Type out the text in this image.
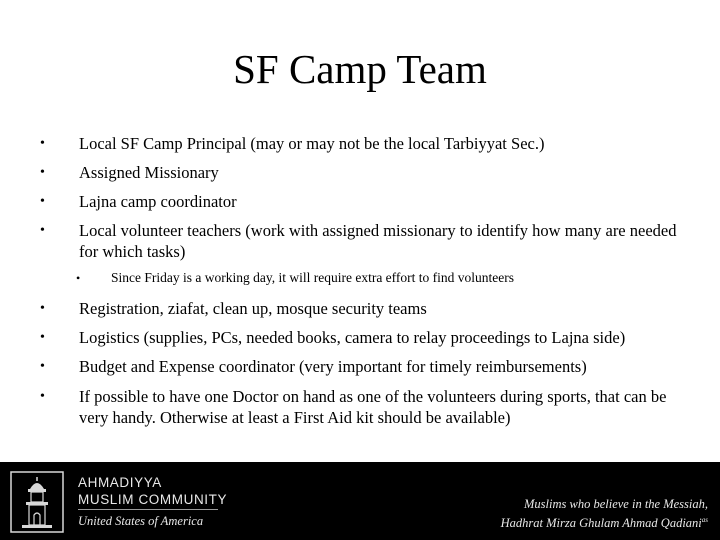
SF Camp Team
• Local SF Camp Principal (may or may not be the local Tarbiyyat Sec.)
• Assigned Missionary
• Lajna camp coordinator
• Local volunteer teachers (work with assigned missionary to identify how many are needed for which tasks)
• Since Friday is a working day, it will require extra effort to find volunteers
• Registration, ziafat, clean up, mosque security teams
• Logistics (supplies, PCs, needed books, camera to relay proceedings to Lajna side)
• Budget and Expense coordinator (very important for timely reimbursements)
• If possible to have one Doctor on hand as one of the volunteers during sports, that can be very handy. Otherwise at least a First Aid kit should be available)
AHMADIYYA
MUSLIM COMMUNITY
United States of America
Muslims who believe in the Messiah,
Hadhrat Mirza Ghulam Ahmad Qadiani$^{as}$
